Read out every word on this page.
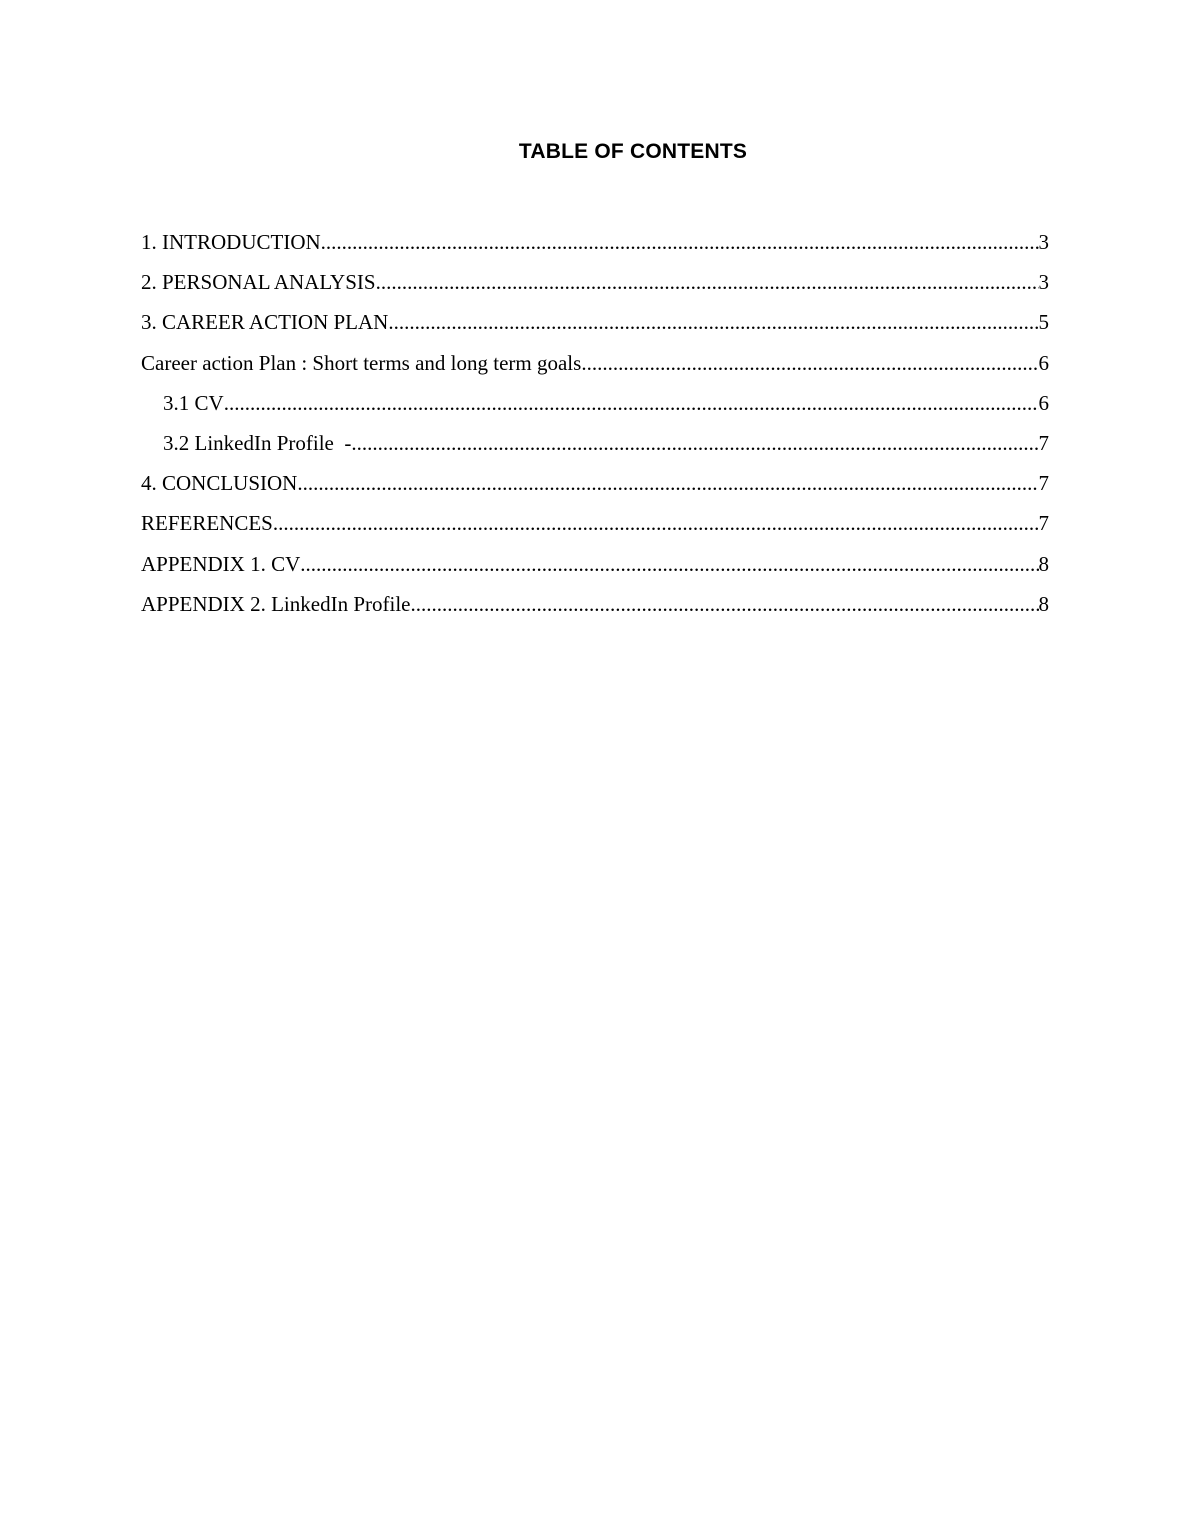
TABLE OF CONTENTS
1. INTRODUCTION .....	3
2. PERSONAL ANALYSIS .....	3
3. CAREER ACTION PLAN .....	5
Career action Plan : Short terms and long term goals .....	6
3.1 CV .....	6
3.2 LinkedIn Profile  - .....	7
4. CONCLUSION .....	7
REFERENCES .....	7
APPENDIX 1. CV .....	8
APPENDIX 2. LinkedIn Profile .....	8
